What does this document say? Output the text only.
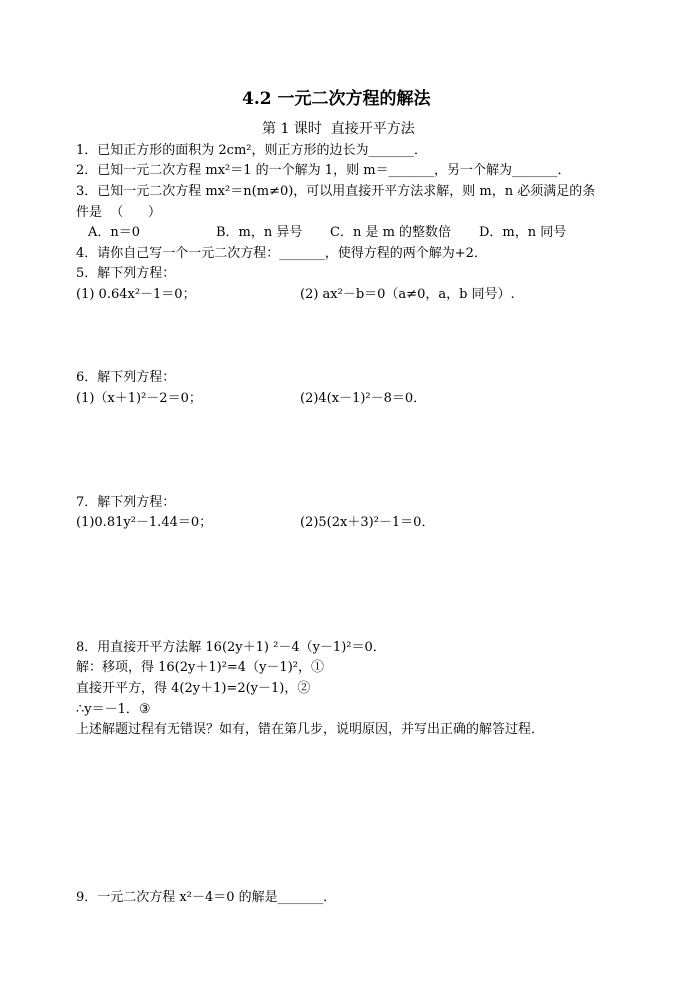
4.2 一元二次方程的解法
第 1 课时  直接开平方法
1．已知正方形的面积为 2cm²，则正方形的边长为_______．
2．已知一元二次方程 mx²＝1 的一个解为 1，则 m＝_______，另一个解为_______．
3．已知一元二次方程 mx²＝n(m≠0)，可以用直接开平方法求解，则 m，n 必须满足的条
件是  （      ）
A．n＝0	B．m，n 异号 C．n 是 m 的整数倍 D．m，n 同号
4．请你自己写一个一元二次方程：_______，使得方程的两个解为+2．
5．解下列方程：
(1) 0.64x²－1＝0；	(2) ax²－b＝0（a≠0，a，b 同号）.
6．解下列方程：
(1)（x＋1)²－2＝0；	(2)4(x－1)²－8＝0．
7．解下列方程：
(1)0.81y²－1.44＝0；	(2)5(2x＋3)²－1＝0．
8．用直接开平方法解 16(2y＋1) ²－4（y－1)²＝0．
解：移项，得 16(2y＋1)²=4（y－1)²，①
直接开平方，得 4(2y＋1)=2(y－1)，②
∴y＝－1．③
上述解题过程有无错误？如有，错在第几步，说明原因，并写出正确的解答过程．
9．一元二次方程 x²－4＝0 的解是_______．
